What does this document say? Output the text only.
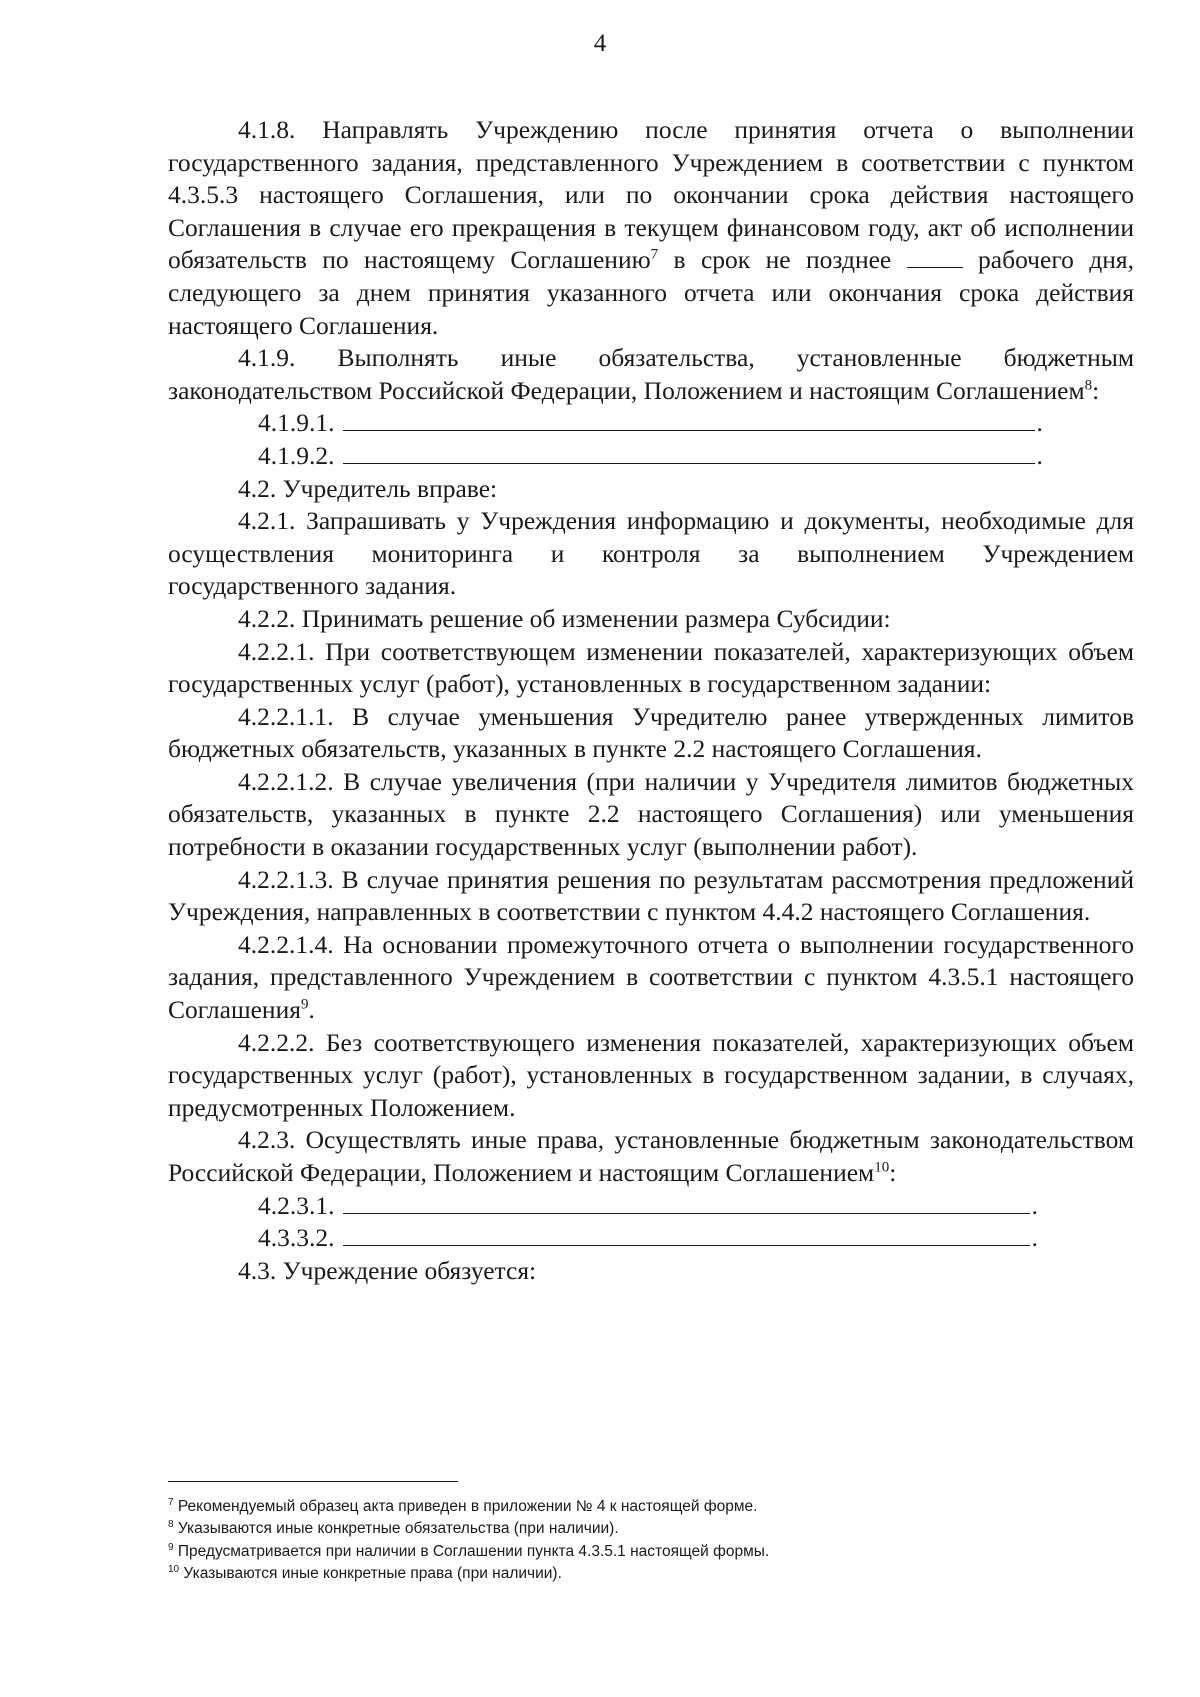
4

4.1.8. Направлять Учреждению после принятия отчета о выполнении государственного задания, представленного Учреждением в соответствии с пунктом 4.3.5.3 настоящего Соглашения, или по окончании срока действия настоящего Соглашения в случае его прекращения в текущем финансовом году, акт об исполнении обязательств по настоящему Соглашению$^7$ в срок не позднее  рабочего дня, следующего за днем принятия указанного отчета или окончания срока действия настоящего Соглашения.

4.1.9. Выполнять иные обязательства, установленные бюджетным законодательством Российской Федерации, Положением и настоящим Соглашением$^8$:

4.1.9.1.	.
4.1.9.2.	.

4.2. Учредитель вправе:

4.2.1. Запрашивать у Учреждения информацию и документы, необходимые для осуществления мониторинга и контроля за выполнением Учреждением государственного задания.

4.2.2. Принимать решение об изменении размера Субсидии:

4.2.2.1. При соответствующем изменении показателей, характеризующих объем государственных услуг (работ), установленных в государственном задании:

4.2.2.1.1. В случае уменьшения Учредителю ранее утвержденных лимитов бюджетных обязательств, указанных в пункте 2.2 настоящего Соглашения.

4.2.2.1.2. В случае увеличения (при наличии у Учредителя лимитов бюджетных обязательств, указанных в пункте 2.2 настоящего Соглашения) или уменьшения потребности в оказании государственных услуг (выполнении работ).

4.2.2.1.3. В случае принятия решения по результатам рассмотрения предложений Учреждения, направленных в соответствии с пунктом 4.4.2 настоящего Соглашения.

4.2.2.1.4. На основании промежуточного отчета о выполнении государственного задания, представленного Учреждением в соответствии с пунктом 4.3.5.1 настоящего Соглашения$^9$.

4.2.2.2. Без соответствующего изменения показателей, характеризующих объем государственных услуг (работ), установленных в государственном задании, в случаях, предусмотренных Положением.

4.2.3. Осуществлять иные права, установленные бюджетным законодательством Российской Федерации, Положением и настоящим Соглашением$^{10}$:

4.2.3.1.	.
4.3.3.2.	.

4.3. Учреждение обязуется:

$^7$ Рекомендуемый образец акта приведен в приложении № 4 к настоящей форме.

$^8$ Указываются иные конкретные обязательства (при наличии).

$^9$ Предусматривается при наличии в Соглашении пункта 4.3.5.1 настоящей формы.

$^{10}$ Указываются иные конкретные права (при наличии).
